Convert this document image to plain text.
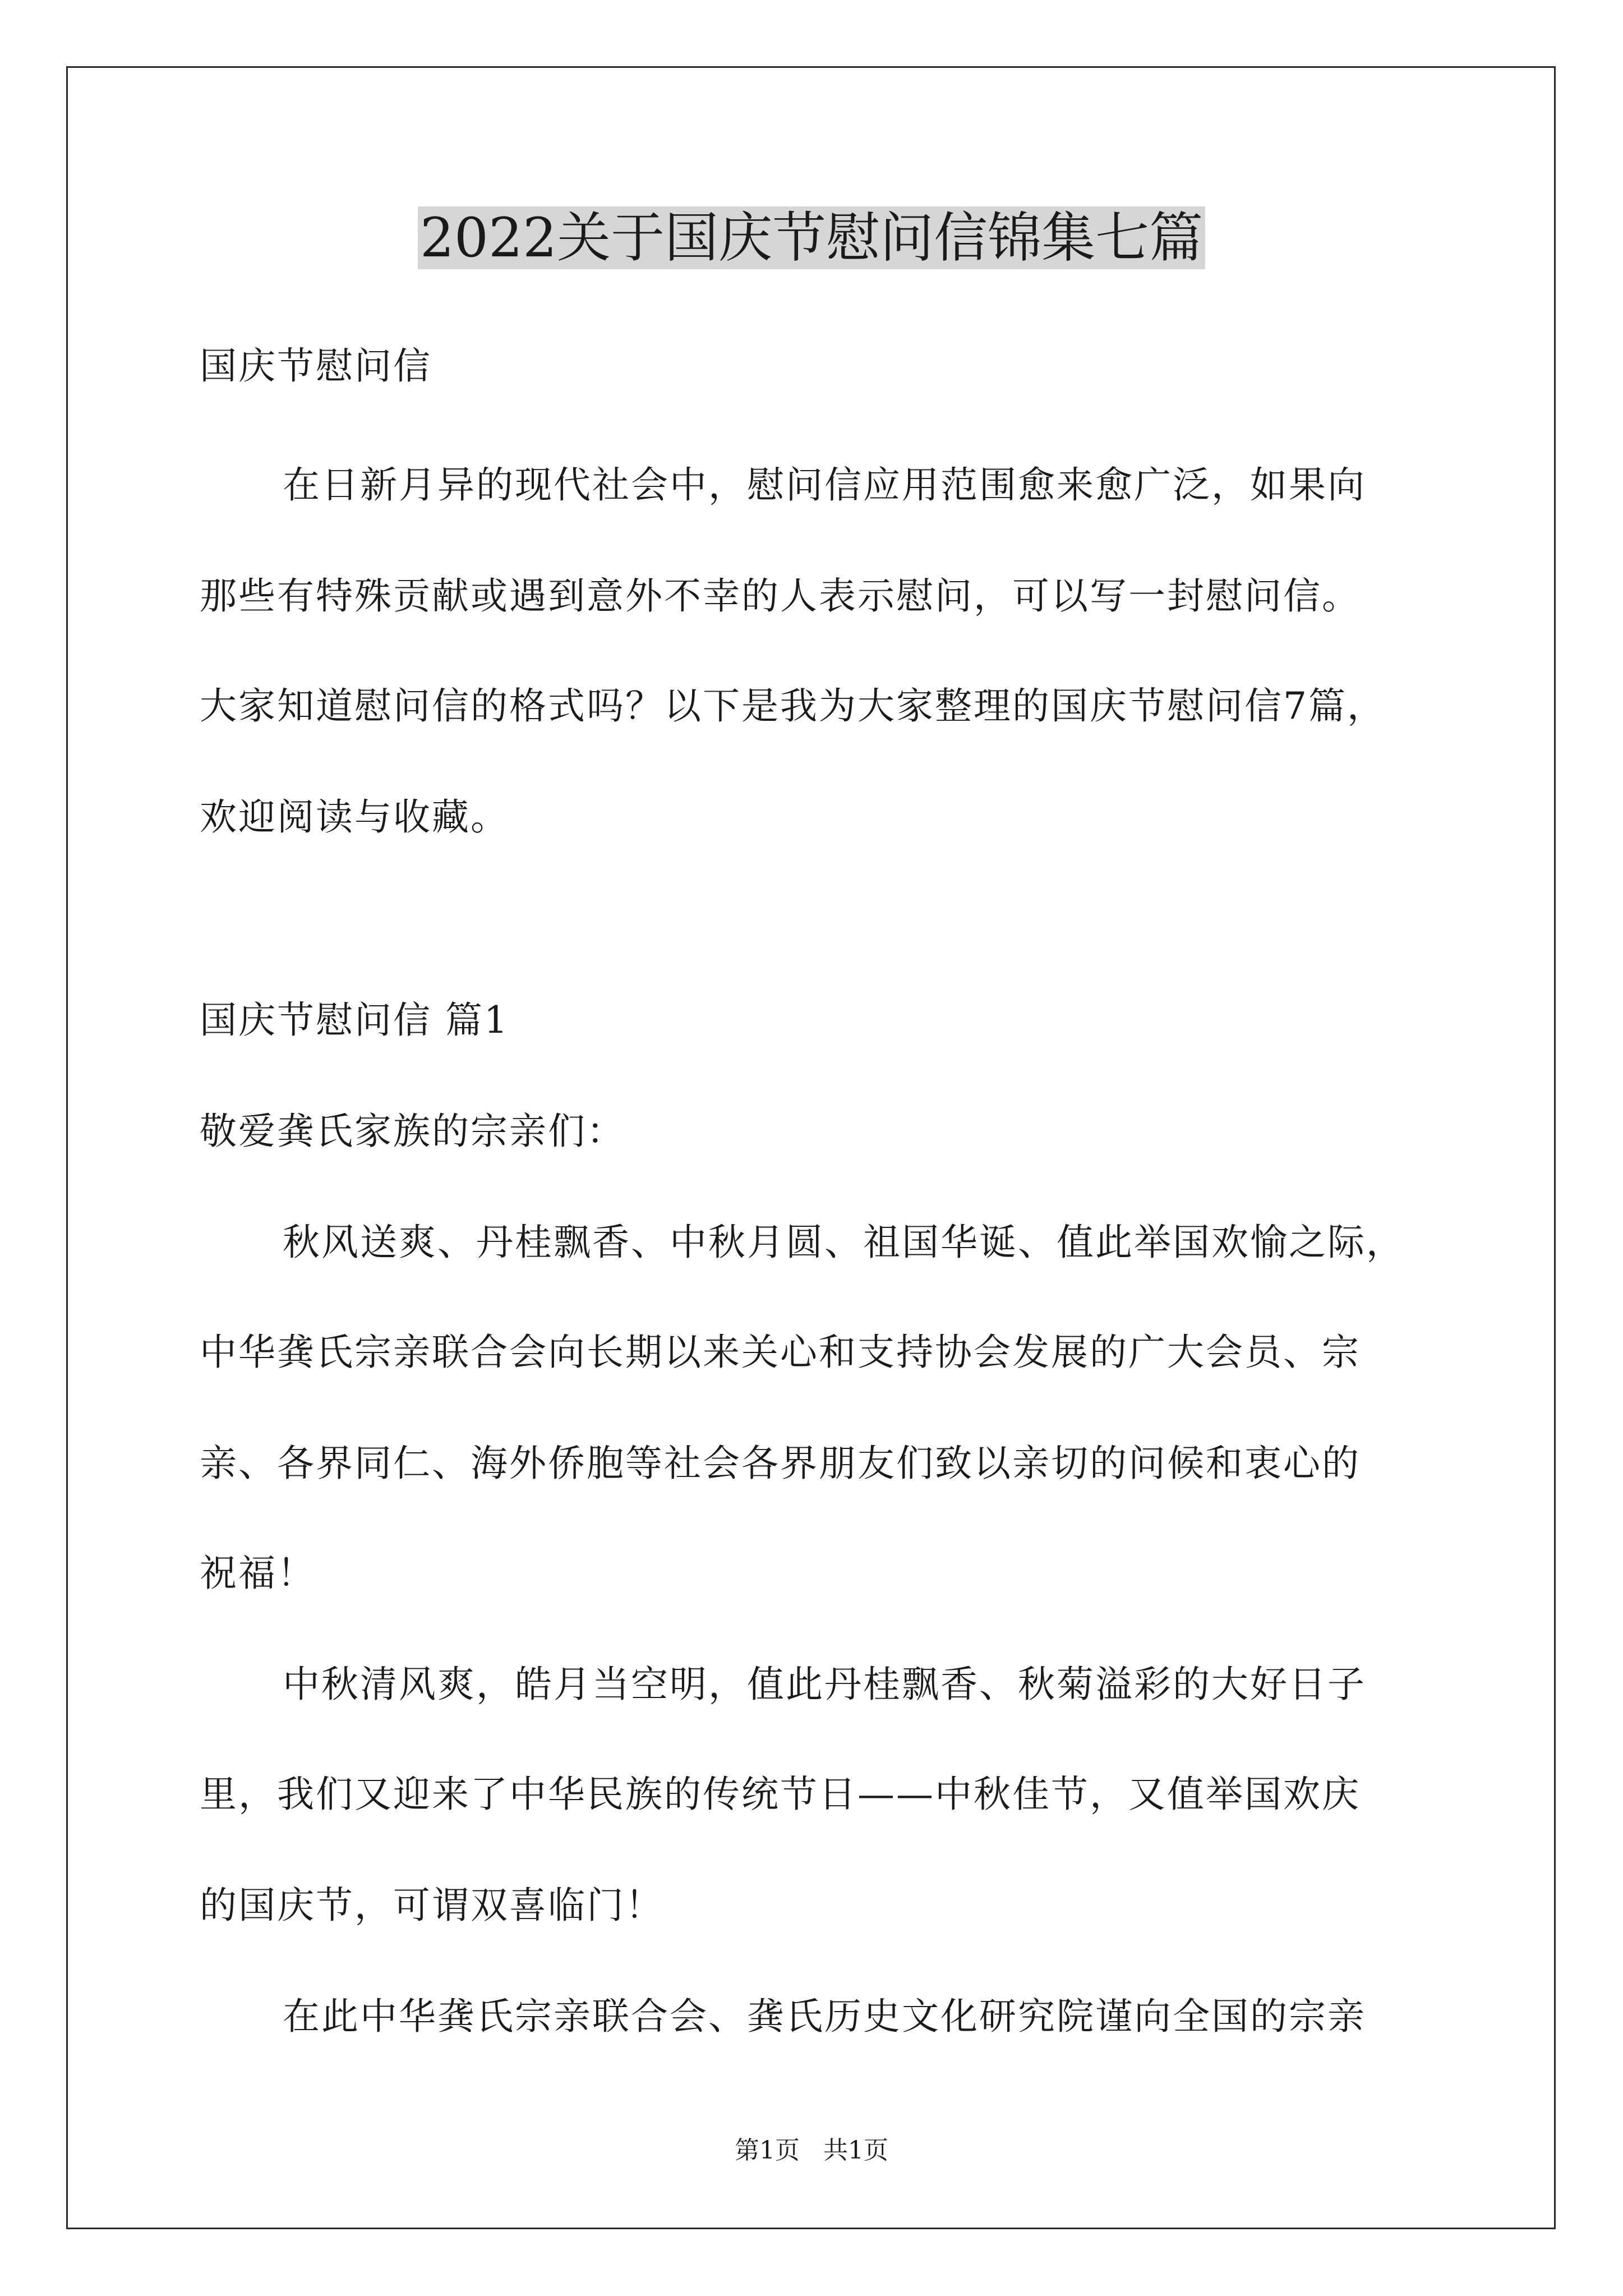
2022关于国庆节慰问信锦集七篇
国庆节慰问信
在日新月异的现代社会中，慰问信应用范围愈来愈广泛，如果向
那些有特殊贡献或遇到意外不幸的人表示慰问，可以写一封慰问信。
大家知道慰问信的格式吗？以下是我为大家整理的国庆节慰问信7篇，
欢迎阅读与收藏。
国庆节慰问信 篇1
敬爱龚氏家族的宗亲们：
秋风送爽、丹桂飘香、中秋月圆、祖国华诞、值此举国欢愉之际，
中华龚氏宗亲联合会向长期以来关心和支持协会发展的广大会员、宗
亲、各界同仁、海外侨胞等社会各界朋友们致以亲切的问候和衷心的
祝福！
中秋清风爽，皓月当空明，值此丹桂飘香、秋菊溢彩的大好日子
里，我们又迎来了中华民族的传统节日——中秋佳节，又值举国欢庆
的国庆节，可谓双喜临门！
在此中华龚氏宗亲联合会、龚氏历史文化研究院谨向全国的宗亲
第1页   共1页
